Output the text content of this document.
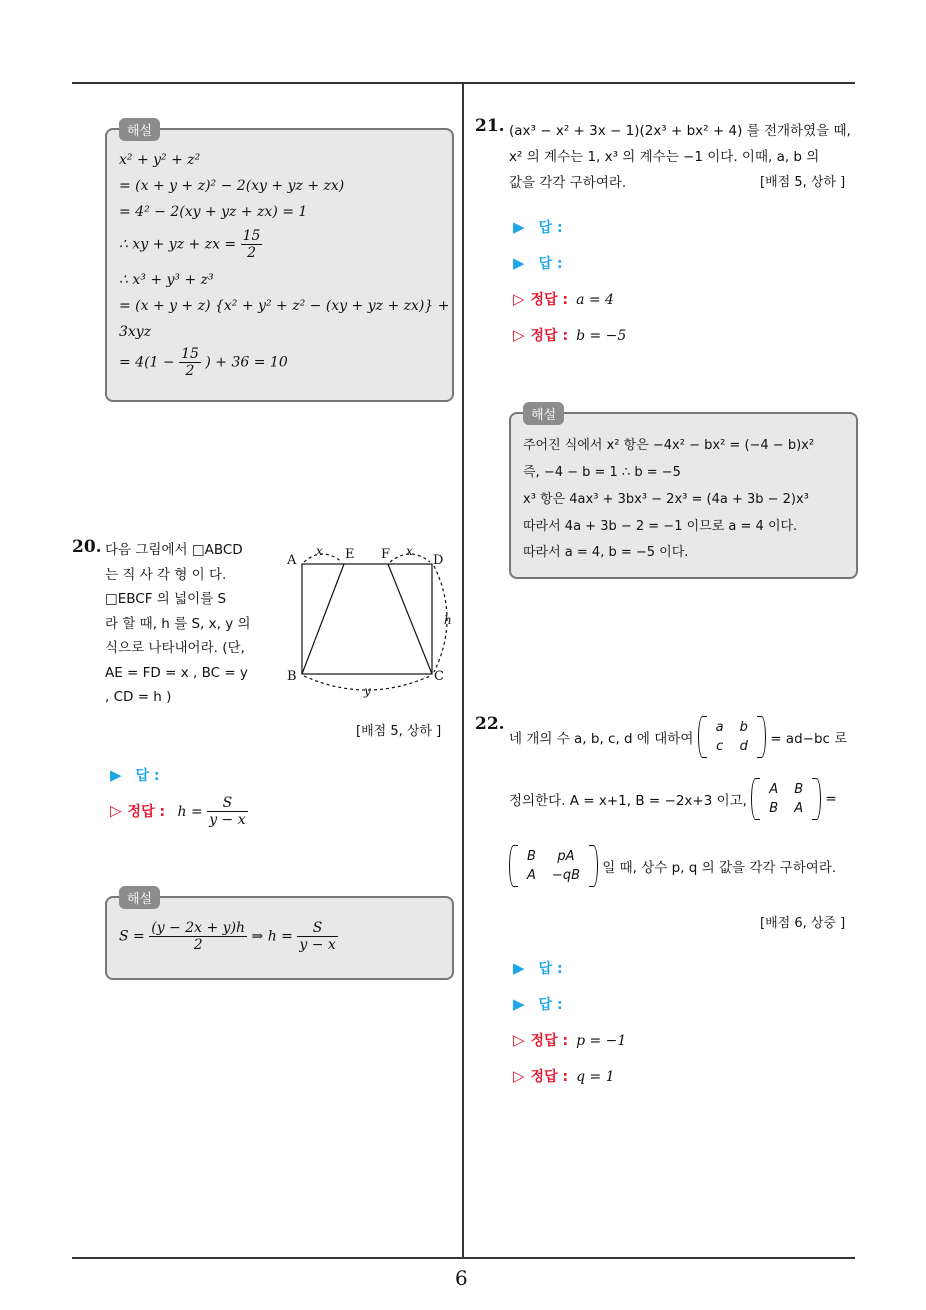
6
해설
x² + y² + z²
= (x + y + z)² − 2(xy + yz + zx)
= 4² − 2(xy + yz + zx) = 1
∴ xy + yz + zx = $\frac{15}{2}$
∴ x³ + y³ + z³
= (x + y + z) {x² + y² + z² − (xy + yz + zx)} +
3xyz
= $4(1 - \frac{15}{2}$ ) + 36 = 10
20. 다음 그림에서 □ABCD
는 직 사 각 형 이 다.
□EBCF 의 넓이를 S
라 할 때, h 를 S, x, y 의
식으로 나타내어라. (단,
AE = FD = x , BC = y
, CD = h )
A	E F	D
B	C
x	x
h
y
[배점 5, 상하 ]
▶ 답 :
▷ 정답 : $h = \frac{S}{y - x}$
해설
$S = \frac{(y - 2x + y)h}{2}$ ⇒ $h = \frac{S}{y - x}$
21. (ax³ − x² + 3x − 1)(2x³ + bx² + 4) 를 전개하였을 때,
x² 의 계수는 1, x³ 의 계수는 −1 이다. 이때, a, b 의
값을 각각 구하여라.	[배점 5, 상하 ]
▶ 답 :
▶ 답 :
▷ 정답 : a = 4
▷ 정답 : b = −5
해설
주어진 식에서 x² 항은 −4x² − bx² = (−4 − b)x²
즉, −4 − b = 1 ∴ b = −5
x³ 항은 4ax³ + 3bx³ − 2x³ = (4a + 3b − 2)x³
따라서 4a + 3b − 2 = −1 이므로 a = 4 이다.
따라서 a = 4, b = −5 이다.
22.
네 개의 수 a, b, c, d 에 대하여
a	b
c	d = ad−bc 로
정의한다. A = x+1, B = −2x+3 이고,
A	B
B	A
=
B	pA
A	−qB 일 때, 상수 p, q 의 값을 각각 구하여라.
[배점 6, 상중 ]
▶ 답 :
▶ 답 :
▷ 정답 : p = −1
▷ 정답 : q = 1
